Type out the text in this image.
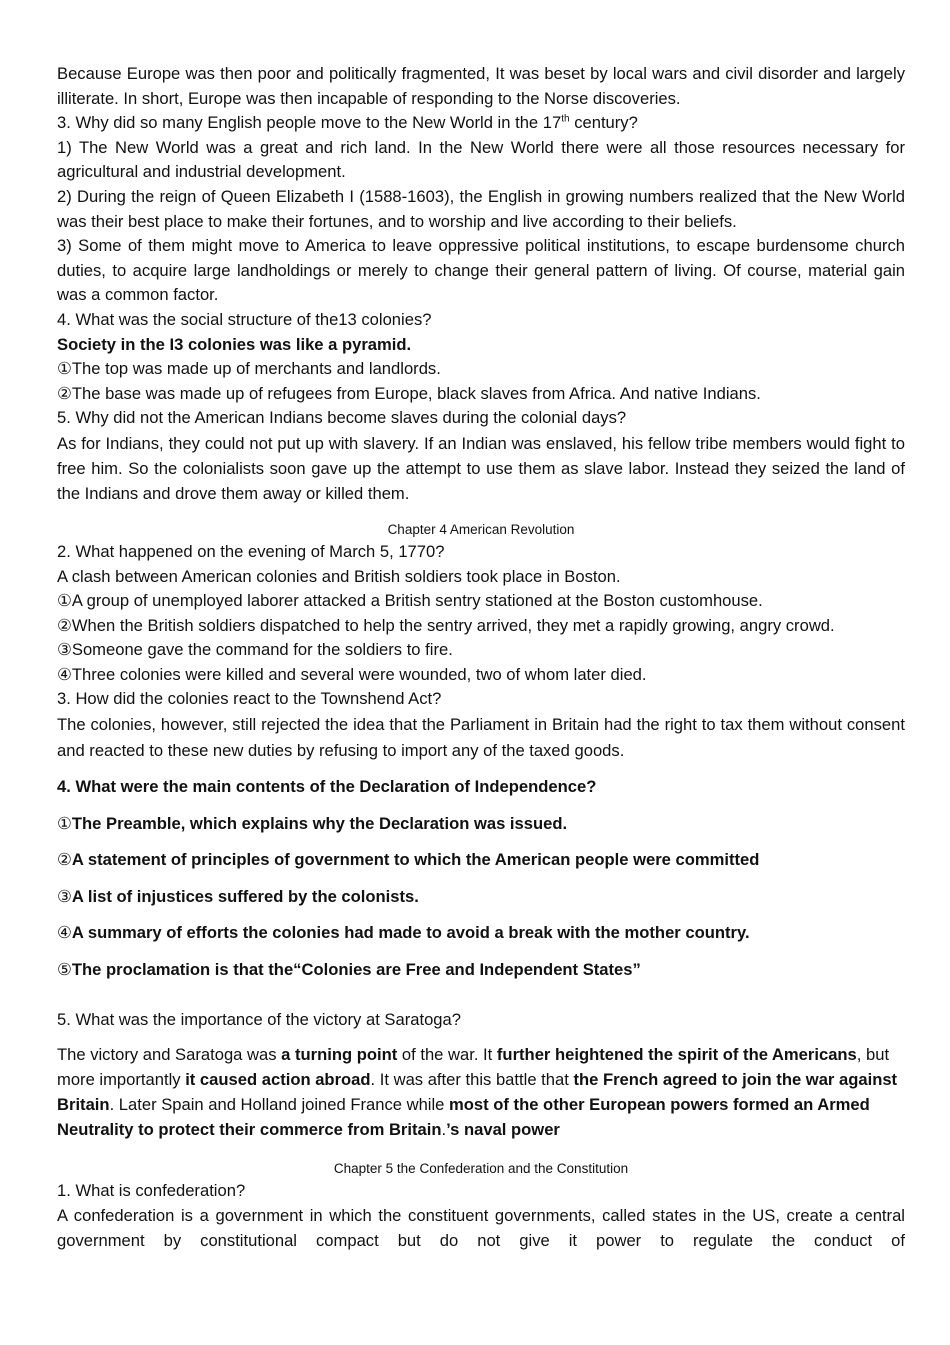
Because Europe was then poor and politically fragmented, It was beset by local wars and civil disorder and largely illiterate. In short, Europe was then incapable of responding to the Norse discoveries.

3. Why did so many English people move to the New World in the 17th century?

1) The New World was a great and rich land. In the New World there were all those resources necessary for agricultural and industrial development.

2) During the reign of Queen Elizabeth I (1588-1603), the English in growing numbers realized that the New World was their best place to make their fortunes, and to worship and live according to their beliefs.

3) Some of them might move to America to leave oppressive political institutions, to escape burdensome church duties, to acquire large landholdings or merely to change their general pattern of living. Of course, material gain was a common factor.

4. What was the social structure of the13 colonies?

Society in the I3 colonies was like a pyramid.

①The top was made up of merchants and landlords.

②The base was made up of refugees from Europe, black slaves from Africa. And native Indians.

5. Why did not the American Indians become slaves during the colonial days?

As for Indians, they could not put up with slavery. If an Indian was enslaved, his fellow tribe members would fight to free him. So the colonialists soon gave up the attempt to use them as slave labor. Instead they seized the land of the Indians and drove them away or killed them.

Chapter 4 American Revolution

2. What happened on the evening of March 5, 1770?

A clash between American colonies and British soldiers took place in Boston.

①A group of unemployed laborer attacked a British sentry stationed at the Boston customhouse.

②When the British soldiers dispatched to help the sentry arrived, they met a rapidly growing, angry crowd.

③Someone gave the command for the soldiers to fire.

④Three colonies were killed and several were wounded, two of whom later died.

3. How did the colonies react to the Townshend Act?

The colonies, however, still rejected the idea that the Parliament in Britain had the right to tax them without consent and reacted to these new duties by refusing to import any of the taxed goods.

4. What were the main contents of the Declaration of Independence?

①The Preamble, which explains why the Declaration was issued.

②A statement of principles of government to which the American people were committed

③A list of injustices suffered by the colonists.

④A summary of efforts the colonies had made to avoid a break with the mother country.

⑤The proclamation is that the“Colonies are Free and Independent States”

5. What was the importance of the victory at Saratoga?

The victory and Saratoga was a turning point of the war. It further heightened the spirit of the Americans, but more importantly it caused action abroad. It was after this battle that the French agreed to join the war against Britain. Later Spain and Holland joined France while most of the other European powers formed an Armed Neutrality to protect their commerce from Britain.’s naval power

Chapter 5 the Confederation and the Constitution

1. What is confederation?

A confederation is a government in which the constituent governments, called states in the US, create a central government by constitutional compact but do not give it power to regulate the conduct of
